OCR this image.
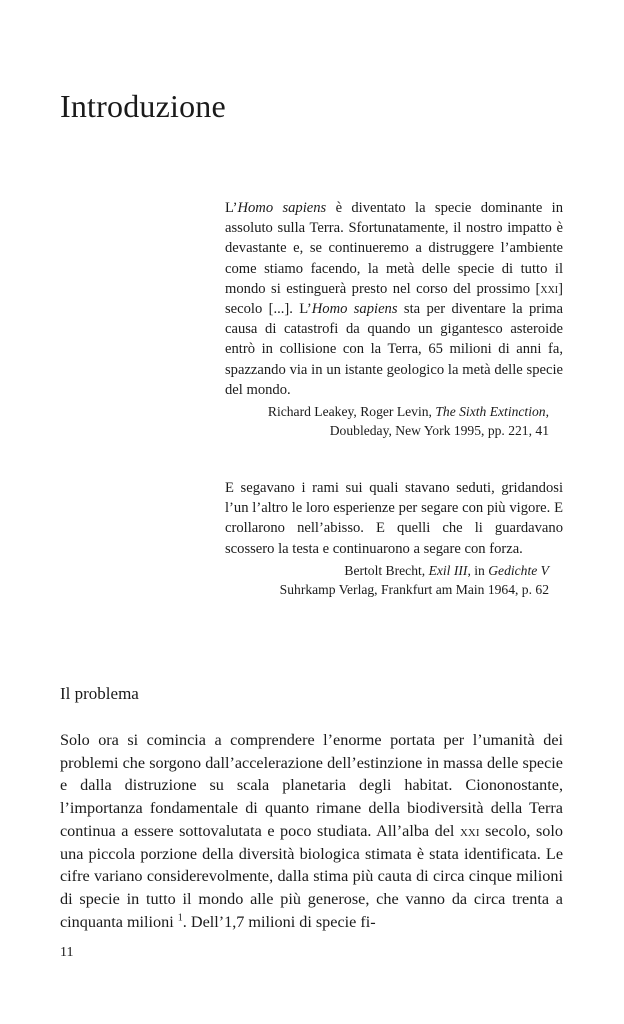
Introduzione

L’Homo sapiens è diventato la specie dominante in assoluto sulla Terra. Sfortunatamente, il nostro impatto è devastante e, se continueremo a distruggere l’ambiente come stiamo facendo, la metà delle specie di tutto il mondo si estinguerà presto nel corso del prossimo [xxi] secolo [...]. L’Homo sapiens sta per diventare la prima causa di catastrofi da quando un gigantesco asteroide entrò in collisione con la Terra, 65 milioni di anni fa, spazzando via in un istante geologico la metà delle specie del mondo.

Richard Leakey, Roger Levin, The Sixth Extinction,
Doubleday, New York 1995, pp. 221, 41

E segavano i rami sui quali stavano seduti, gridandosi l’un l’altro le loro esperienze per segare con più vigore. E crollarono nell’abisso. E quelli che li guardavano scossero la testa e continuarono a segare con forza.

Bertolt Brecht, Exil III, in Gedichte V
Suhrkamp Verlag, Frankfurt am Main 1964, p. 62
Il problema

Solo ora si comincia a comprendere l’enorme portata per l’umanità dei problemi che sorgono dall’accelerazione dell’estinzione in massa delle specie e dalla distruzione su scala planetaria degli habitat. Ciononostante, l’importanza fondamentale di quanto rimane della biodiversità della Terra continua a essere sottovalutata e poco studiata. All’alba del xxi secolo, solo una piccola porzione della diversità biologica stimata è stata identificata. Le cifre variano considerevolmente, dalla stima più cauta di circa cinque milioni di specie in tutto il mondo alle più generose, che vanno da circa trenta a cinquanta milioni $^1$. Dell’1,7 milioni di specie fi-

11
